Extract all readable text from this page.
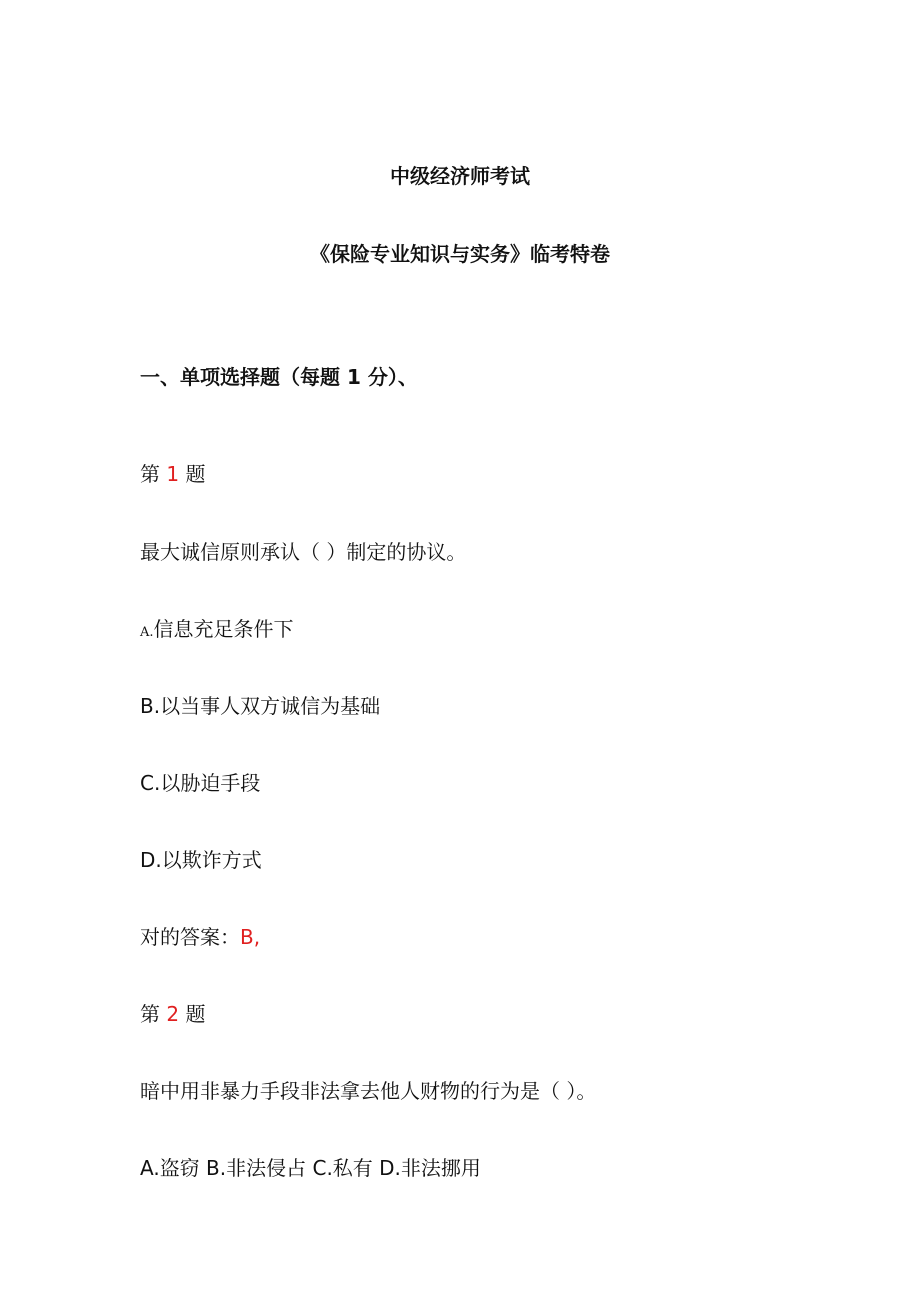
中级经济师考试
《保险专业知识与实务》临考特卷
一、单项选择题（每题 1 分）、
第 1 题
最大诚信原则承认（ ）制定的协议。
A.信息充足条件下
B.以当事人双方诚信为基础
C.以胁迫手段
D.以欺诈方式
对的答案：B,
第 2 题
暗中用非暴力手段非法拿去他人财物的行为是（ ）。
A.盗窃 B.非法侵占 C.私有 D.非法挪用
